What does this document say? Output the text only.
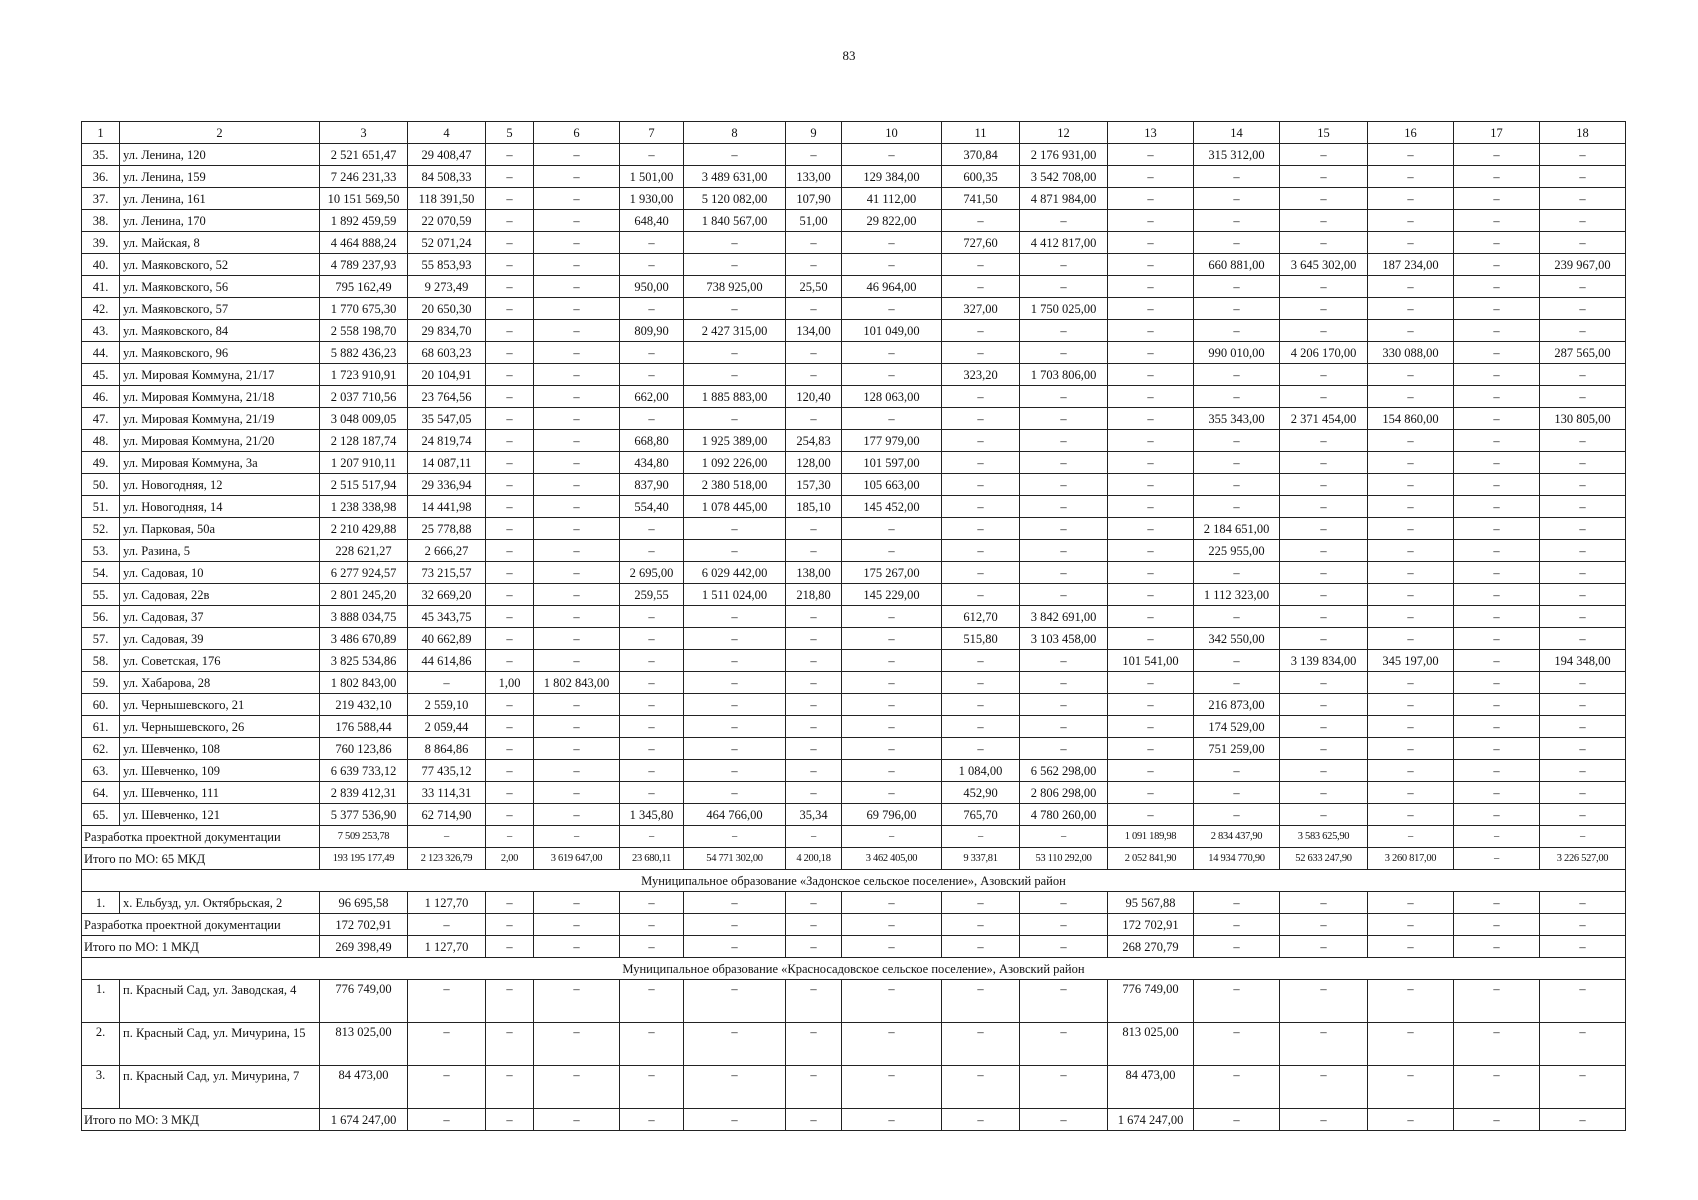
83
1	2	3	4	5	6	7	8	9	10	11	12	13	14	15	16	17	18
35.	ул. Ленина, 120	2 521 651,47	29 408,47	–	–	–	–	–	–	370,84	2 176 931,00	–	315 312,00	–	–	–	–
36.	ул. Ленина, 159	7 246 231,33	84 508,33	–	–	1 501,00	3 489 631,00	133,00	129 384,00	600,35	3 542 708,00	–	–	–	–	–	–
37.	ул. Ленина, 161	10 151 569,50	118 391,50	–	–	1 930,00	5 120 082,00	107,90	41 112,00	741,50	4 871 984,00	–	–	–	–	–	–
38.	ул. Ленина, 170	1 892 459,59	22 070,59	–	–	648,40	1 840 567,00	51,00	29 822,00	–	–	–	–	–	–	–	–
39.	ул. Майская, 8	4 464 888,24	52 071,24	–	–	–	–	–	–	727,60	4 412 817,00	–	–	–	–	–	–
40.	ул. Маяковского, 52	4 789 237,93	55 853,93	–	–	–	–	–	–	–	–	–	660 881,00	3 645 302,00	187 234,00	–	239 967,00
41.	ул. Маяковского, 56	795 162,49	9 273,49	–	–	950,00	738 925,00	25,50	46 964,00	–	–	–	–	–	–	–	–
42.	ул. Маяковского, 57	1 770 675,30	20 650,30	–	–	–	–	–	–	327,00	1 750 025,00	–	–	–	–	–	–
43.	ул. Маяковского, 84	2 558 198,70	29 834,70	–	–	809,90	2 427 315,00	134,00	101 049,00	–	–	–	–	–	–	–	–
44.	ул. Маяковского, 96	5 882 436,23	68 603,23	–	–	–	–	–	–	–	–	–	990 010,00	4 206 170,00	330 088,00	–	287 565,00
45.	ул. Мировая Коммуна, 21/17	1 723 910,91	20 104,91	–	–	–	–	–	–	323,20	1 703 806,00	–	–	–	–	–	–
46.	ул. Мировая Коммуна, 21/18	2 037 710,56	23 764,56	–	–	662,00	1 885 883,00	120,40	128 063,00	–	–	–	–	–	–	–	–
47.	ул. Мировая Коммуна, 21/19	3 048 009,05	35 547,05	–	–	–	–	–	–	–	–	–	355 343,00	2 371 454,00	154 860,00	–	130 805,00
48.	ул. Мировая Коммуна, 21/20	2 128 187,74	24 819,74	–	–	668,80	1 925 389,00	254,83	177 979,00	–	–	–	–	–	–	–	–
49.	ул. Мировая Коммуна, 3а	1 207 910,11	14 087,11	–	–	434,80	1 092 226,00	128,00	101 597,00	–	–	–	–	–	–	–	–
50.	ул. Новогодняя, 12	2 515 517,94	29 336,94	–	–	837,90	2 380 518,00	157,30	105 663,00	–	–	–	–	–	–	–	–
51.	ул. Новогодняя, 14	1 238 338,98	14 441,98	–	–	554,40	1 078 445,00	185,10	145 452,00	–	–	–	–	–	–	–	–
52.	ул. Парковая, 50а	2 210 429,88	25 778,88	–	–	–	–	–	–	–	–	–	2 184 651,00	–	–	–	–
53.	ул. Разина, 5	228 621,27	2 666,27	–	–	–	–	–	–	–	–	–	225 955,00	–	–	–	–
54.	ул. Садовая, 10	6 277 924,57	73 215,57	–	–	2 695,00	6 029 442,00	138,00	175 267,00	–	–	–	–	–	–	–	–
55.	ул. Садовая, 22в	2 801 245,20	32 669,20	–	–	259,55	1 511 024,00	218,80	145 229,00	–	–	–	1 112 323,00	–	–	–	–
56.	ул. Садовая, 37	3 888 034,75	45 343,75	–	–	–	–	–	–	612,70	3 842 691,00	–	–	–	–	–	–
57.	ул. Садовая, 39	3 486 670,89	40 662,89	–	–	–	–	–	–	515,80	3 103 458,00	–	342 550,00	–	–	–	–
58.	ул. Советская, 176	3 825 534,86	44 614,86	–	–	–	–	–	–	–	–	101 541,00	–	3 139 834,00	345 197,00	–	194 348,00
59.	ул. Хабарова, 28	1 802 843,00	–	1,00	1 802 843,00	–	–	–	–	–	–	–	–	–	–	–	–
60.	ул. Чернышевского, 21	219 432,10	2 559,10	–	–	–	–	–	–	–	–	–	216 873,00	–	–	–	–
61.	ул. Чернышевского, 26	176 588,44	2 059,44	–	–	–	–	–	–	–	–	–	174 529,00	–	–	–	–
62.	ул. Шевченко, 108	760 123,86	8 864,86	–	–	–	–	–	–	–	–	–	751 259,00	–	–	–	–
63.	ул. Шевченко, 109	6 639 733,12	77 435,12	–	–	–	–	–	–	1 084,00	6 562 298,00	–	–	–	–	–	–
64.	ул. Шевченко, 111	2 839 412,31	33 114,31	–	–	–	–	–	–	452,90	2 806 298,00	–	–	–	–	–	–
65.	ул. Шевченко, 121	5 377 536,90	62 714,90	–	–	1 345,80	464 766,00	35,34	69 796,00	765,70	4 780 260,00	–	–	–	–	–	–
Разработка проектной документации		7 509 253,78	–	–	–	–	–	–	–	–	–	1 091 189,98	2 834 437,90	3 583 625,90	–	–	–
Итого по МО: 65 МКД		193 195 177,49	2 123 326,79	2,00	3 619 647,00	23 680,11	54 771 302,00	4 200,18	3 462 405,00	9 337,81	53 110 292,00	2 052 841,90	14 934 770,90	52 633 247,90	3 260 817,00	–	3 226 527,00
Муниципальное образование «Задонское сельское поселение», Азовский район																	
1.	х. Ельбузд, ул. Октябрьская, 2	96 695,58	1 127,70	–	–	–	–	–	–	–	–	95 567,88	–	–	–	–	–
Разработка проектной документации		172 702,91	–	–	–	–	–	–	–	–	–	172 702,91	–	–	–	–	–
Итого по МО: 1 МКД		269 398,49	1 127,70	–	–	–	–	–	–	–	–	268 270,79	–	–	–	–	–
Муниципальное образование «Красносадовское сельское поселение», Азовский район																	
1.	п. Красный Сад, ул. Заводская, 4	776 749,00	–	–	–	–	–	–	–	–	–	776 749,00	–	–	–	–	–
2.	п. Красный Сад, ул. Мичурина, 15	813 025,00	–	–	–	–	–	–	–	–	–	813 025,00	–	–	–	–	–
3.	п. Красный Сад, ул. Мичурина, 7	84 473,00	–	–	–	–	–	–	–	–	–	84 473,00	–	–	–	–	–
Итого по МО: 3 МКД		1 674 247,00	–	–	–	–	–	–	–	–	–	1 674 247,00	–	–	–	–	–
